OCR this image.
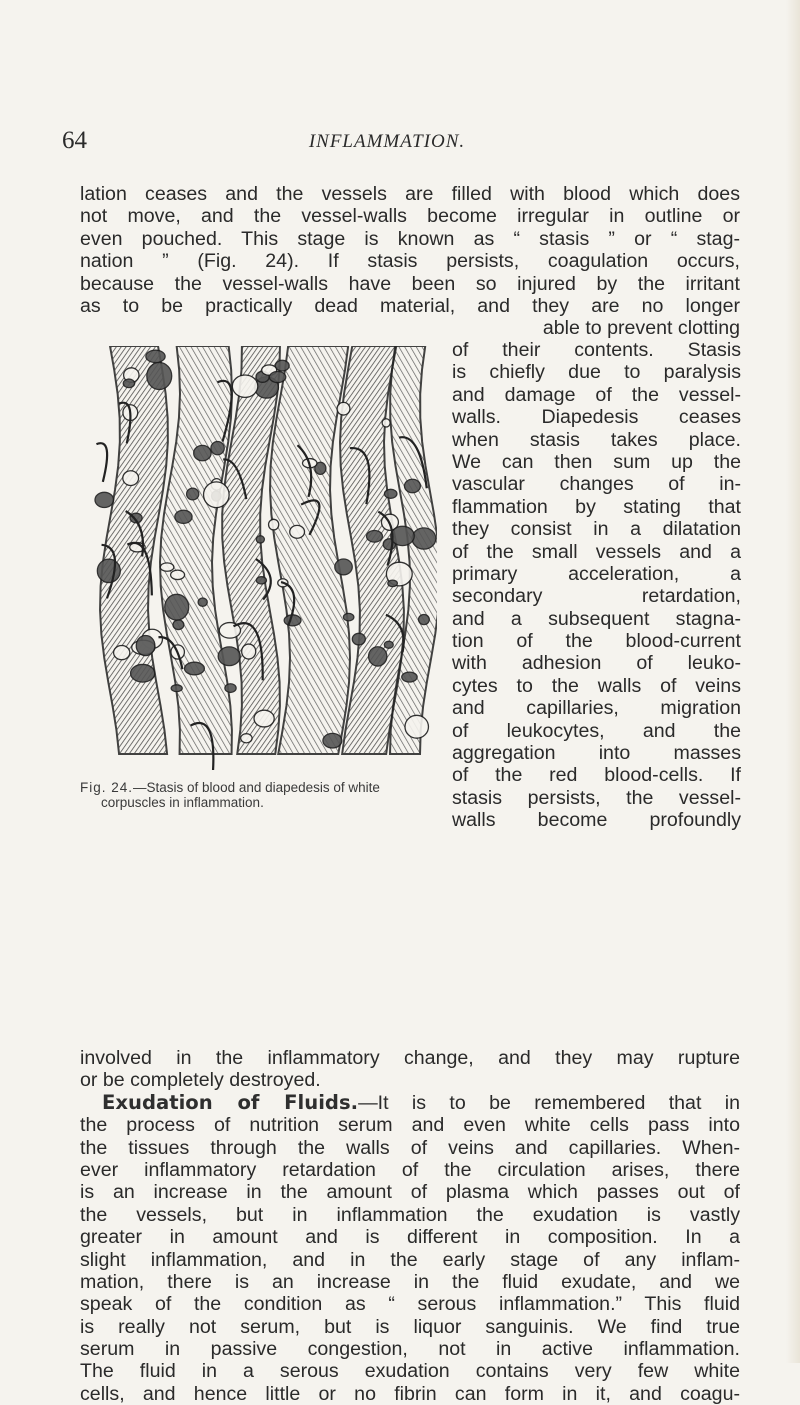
64	INFLAMMATION.
lation ceases and the vessels are filled with blood which does
not move, and the vessel-walls become irregular in outline or
even pouched. This stage is known as “ stasis ” or “ stag-
nation ” (Fig. 24). If stasis persists, coagulation occurs,
because the vessel-walls have been so injured by the irritant
as to be practically dead material, and they are no longer
able to prevent clotting
Fig. 24.—Stasis of blood and diapedesis of white
corpuscles in inflammation.
of their contents. Stasis
is chiefly due to paralysis
and damage of the vessel-
walls. Diapedesis ceases
when stasis takes place.
We can then sum up the
vascular changes of in-
flammation by stating that
they consist in a dilatation
of the small vessels and a
primary acceleration, a
secondary retardation,
and a subsequent stagna-
tion of the blood-current
with adhesion of leuko-
cytes to the walls of veins
and capillaries, migration
of leukocytes, and the
aggregation into masses
of the red blood-cells. If
stasis persists, the vessel-
walls become profoundly
involved in the inflammatory change, and they may rupture
or be completely destroyed.
Exudation of Fluids.—It is to be remembered that in
the process of nutrition serum and even white cells pass into
the tissues through the walls of veins and capillaries. When-
ever inflammatory retardation of the circulation arises, there
is an increase in the amount of plasma which passes out of
the vessels, but in inflammation the exudation is vastly
greater in amount and is different in composition. In a
slight inflammation, and in the early stage of any inflam-
mation, there is an increase in the fluid exudate, and we
speak of the condition as “ serous inflammation.” This fluid
is really not serum, but is liquor sanguinis. We find true
serum in passive congestion, not in active inflammation.
The fluid in a serous exudation contains very few white
cells, and hence little or no fibrin can form in it, and coagu-
